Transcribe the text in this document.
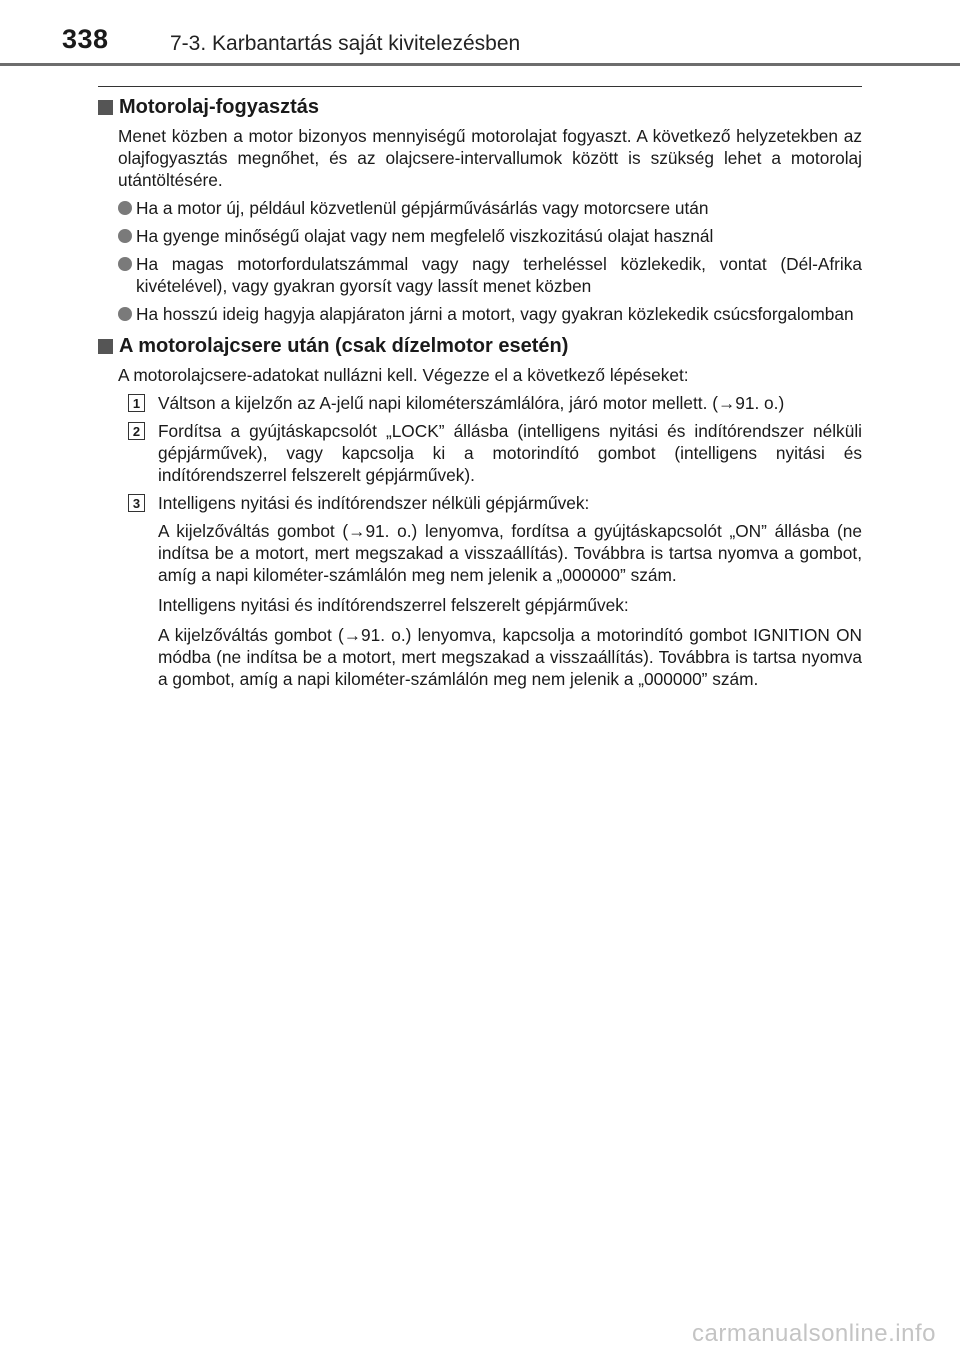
338	7-3. Karbantartás saját kivitelezésben
Motorolaj-fogyasztás

Menet közben a motor bizonyos mennyiségű motorolajat fogyaszt. A következő helyzetekben az olajfogyasztás megnőhet, és az olajcsere-intervallumok között is szükség lehet a motorolaj utántöltésére.

Ha a motor új, például közvetlenül gépjárművásárlás vagy motorcsere után
Ha gyenge minőségű olajat vagy nem megfelelő viszkozitású olajat használ
Ha magas motorfordulatszámmal vagy nagy terheléssel közlekedik, vontat (Dél-Afrika kivételével), vagy gyakran gyorsít vagy lassít menet közben
Ha hosszú ideig hagyja alapjáraton járni a motort, vagy gyakran közlekedik csúcsforgalomban
A motorolajcsere után (csak dízelmotor esetén)

A motorolajcsere-adatokat nullázni kell. Végezze el a következő lépéseket:

1 Váltson a kijelzőn az A-jelű napi kilométerszámlálóra, járó motor mellett. (→91. o.)
2 Fordítsa a gyújtáskapcsolót „LOCK” állásba (intelligens nyitási és indítórendszer nélküli gépjárművek), vagy kapcsolja ki a motorindító gombot (intelligens nyitási és indítórendszerrel felszerelt gépjárművek).
3 Intelligens nyitási és indítórendszer nélküli gépjárművek:

A kijelzőváltás gombot (→91. o.) lenyomva, fordítsa a gyújtáskapcsolót „ON” állásba (ne indítsa be a motort, mert megszakad a visszaállítás). Továbbra is tartsa nyomva a gombot, amíg a napi kilométer-számlálón meg nem jelenik a „000000” szám.

Intelligens nyitási és indítórendszerrel felszerelt gépjárművek:

A kijelzőváltás gombot (→91. o.) lenyomva, kapcsolja a motorindító gombot IGNITION ON módba (ne indítsa be a motort, mert megszakad a visszaállítás). Továbbra is tartsa nyomva a gombot, amíg a napi kilométer-számlálón meg nem jelenik a „000000” szám.

carmanualsonline.info
